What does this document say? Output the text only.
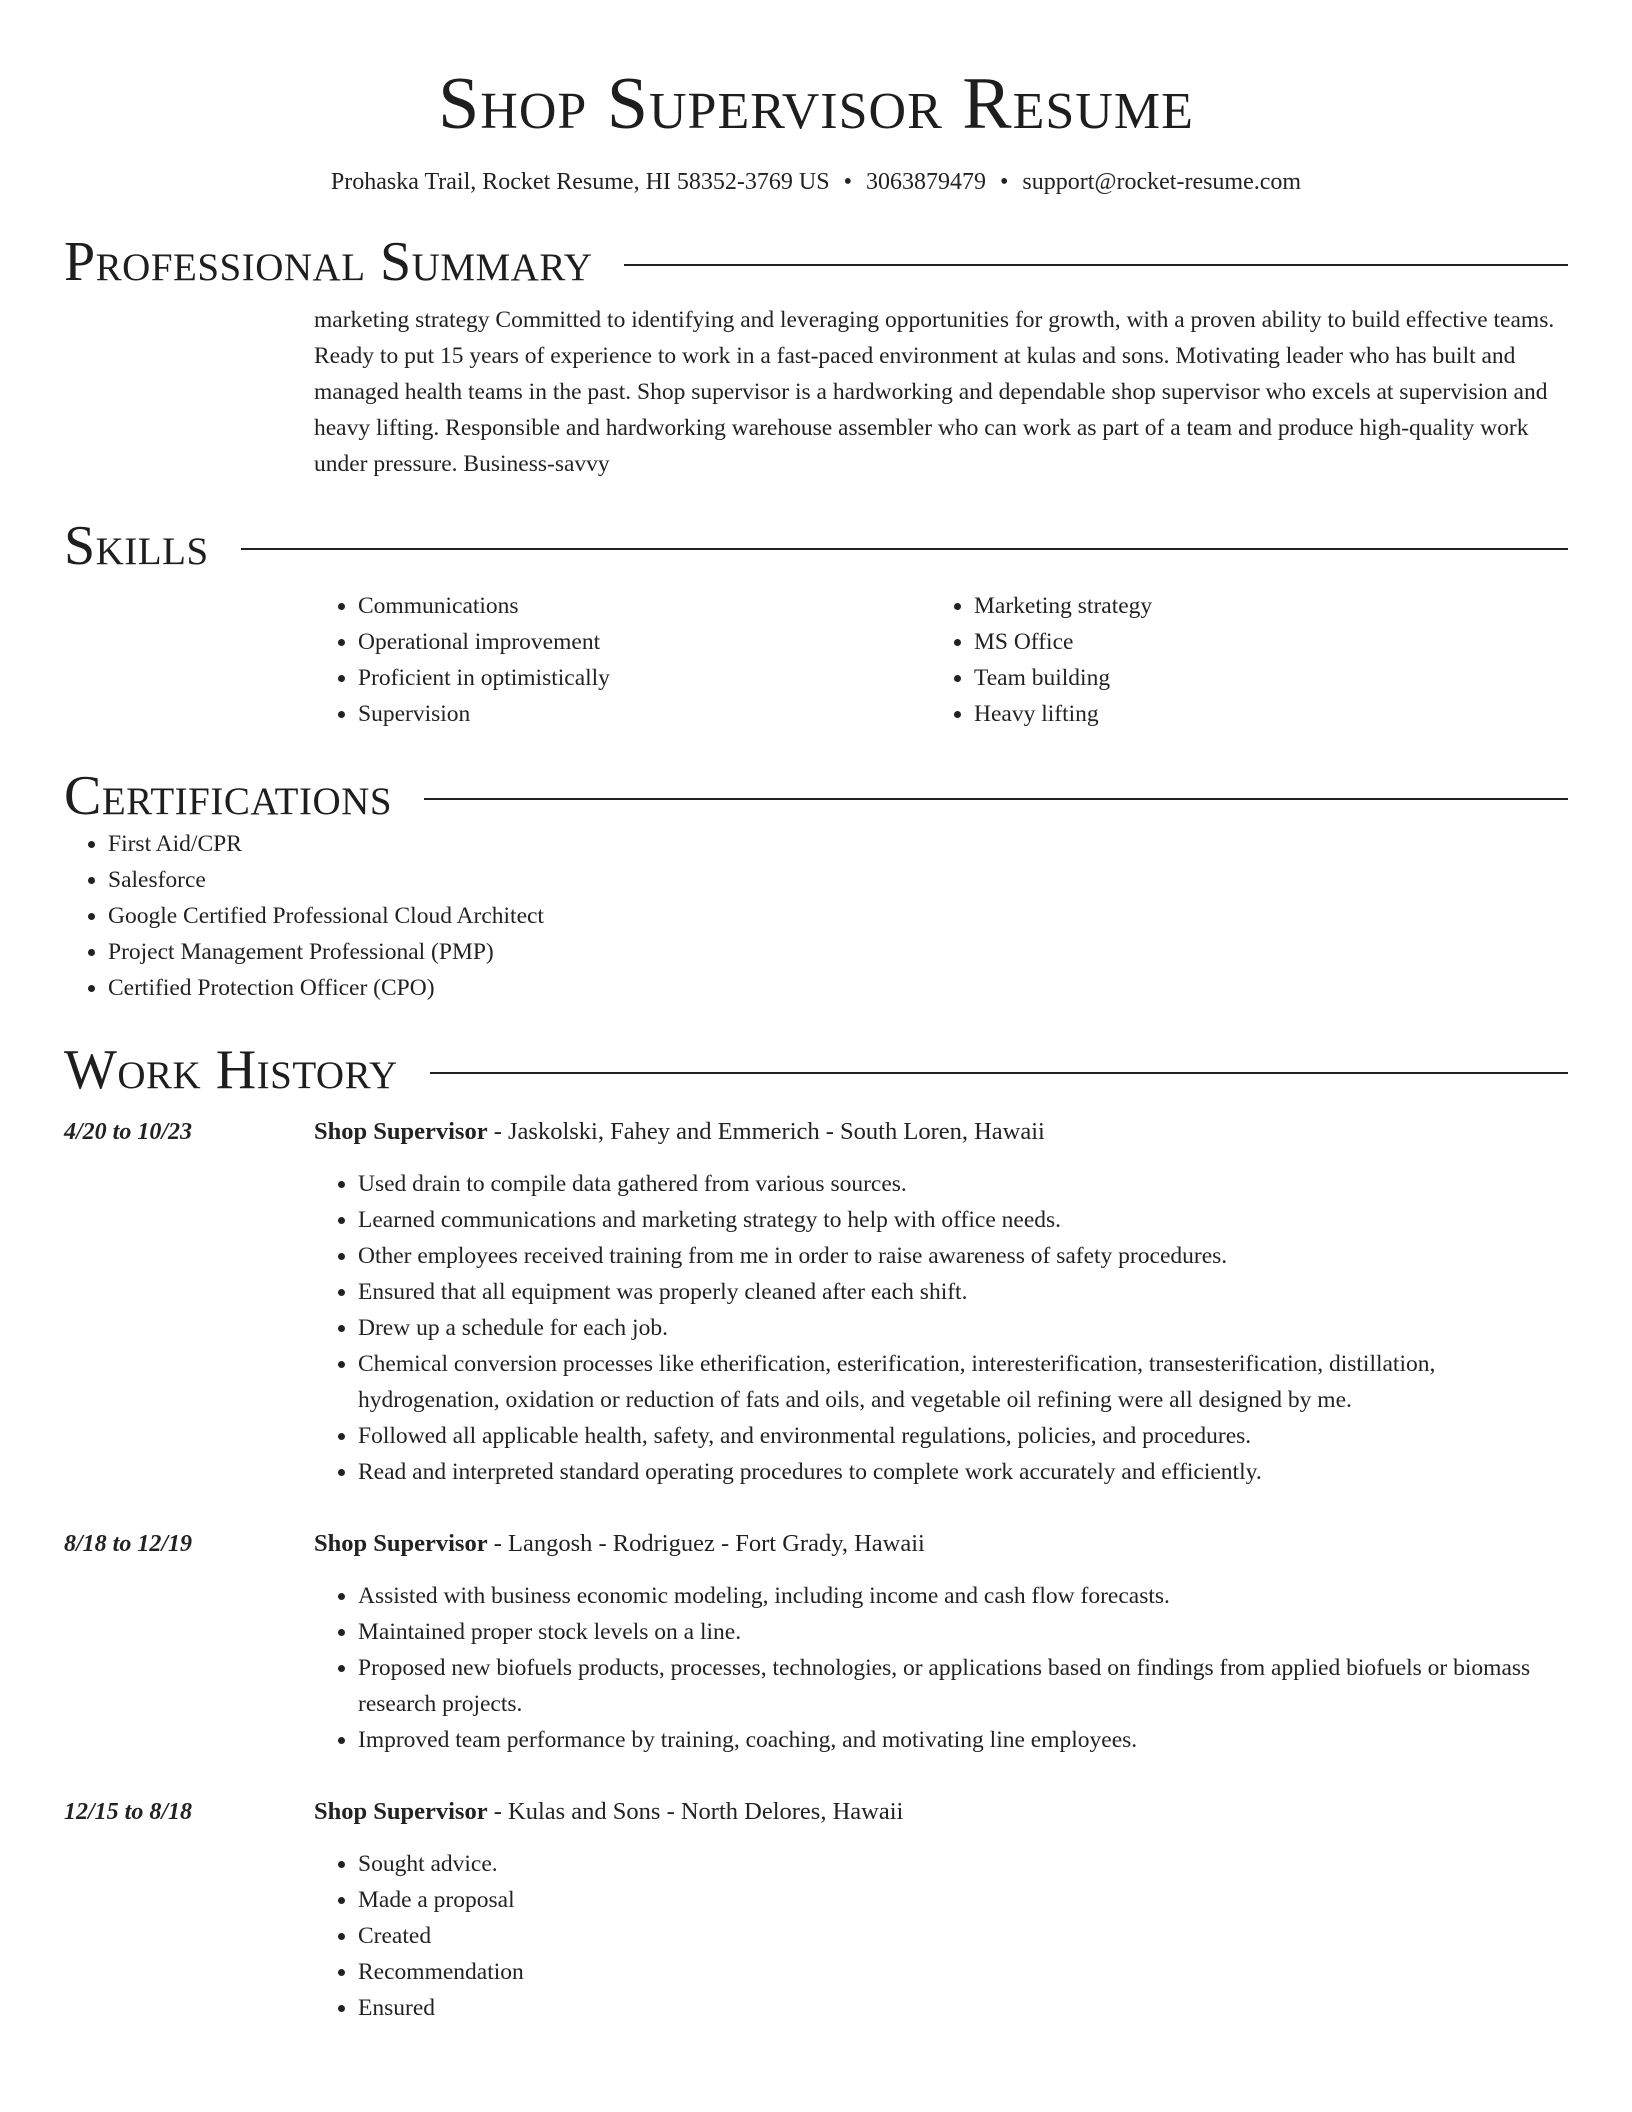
Shop Supervisor Resume
Prohaska Trail, Rocket Resume, HI 58352-3769 US • 3063879479 • support@rocket-resume.com
Professional Summary

marketing strategy Committed to identifying and leveraging opportunities for growth, with a proven ability to build effective teams. Ready to put 15 years of experience to work in a fast-paced environment at kulas and sons. Motivating leader who has built and managed health teams in the past. Shop supervisor is a hardworking and dependable shop supervisor who excels at supervision and heavy lifting. Responsible and hardworking warehouse assembler who can work as part of a team and produce high-quality work under pressure. Business-savvy

Skills
• Communications
• Operational improvement
• Proficient in optimistically
• Supervision
• Marketing strategy
• MS Office
• Team building
• Heavy lifting
Certifications
• First Aid/CPR
• Salesforce
• Google Certified Professional Cloud Architect
• Project Management Professional (PMP)
• Certified Protection Officer (CPO)
Work History
4/20 to 10/23	Shop Supervisor - Jaskolski, Fahey and Emmerich - South Loren, Hawaii
• Used drain to compile data gathered from various sources.
• Learned communications and marketing strategy to help with office needs.
• Other employees received training from me in order to raise awareness of safety procedures.
• Ensured that all equipment was properly cleaned after each shift.
• Drew up a schedule for each job.
• Chemical conversion processes like etherification, esterification, interesterification, transesterification, distillation, hydrogenation, oxidation or reduction of fats and oils, and vegetable oil refining were all designed by me.
• Followed all applicable health, safety, and environmental regulations, policies, and procedures.
• Read and interpreted standard operating procedures to complete work accurately and efficiently.
8/18 to 12/19	Shop Supervisor - Langosh - Rodriguez - Fort Grady, Hawaii
• Assisted with business economic modeling, including income and cash flow forecasts.
• Maintained proper stock levels on a line.
• Proposed new biofuels products, processes, technologies, or applications based on findings from applied biofuels or biomass research projects.
• Improved team performance by training, coaching, and motivating line employees.
12/15 to 8/18	Shop Supervisor - Kulas and Sons - North Delores, Hawaii
• Sought advice.
• Made a proposal
• Created
• Recommendation
• Ensured
